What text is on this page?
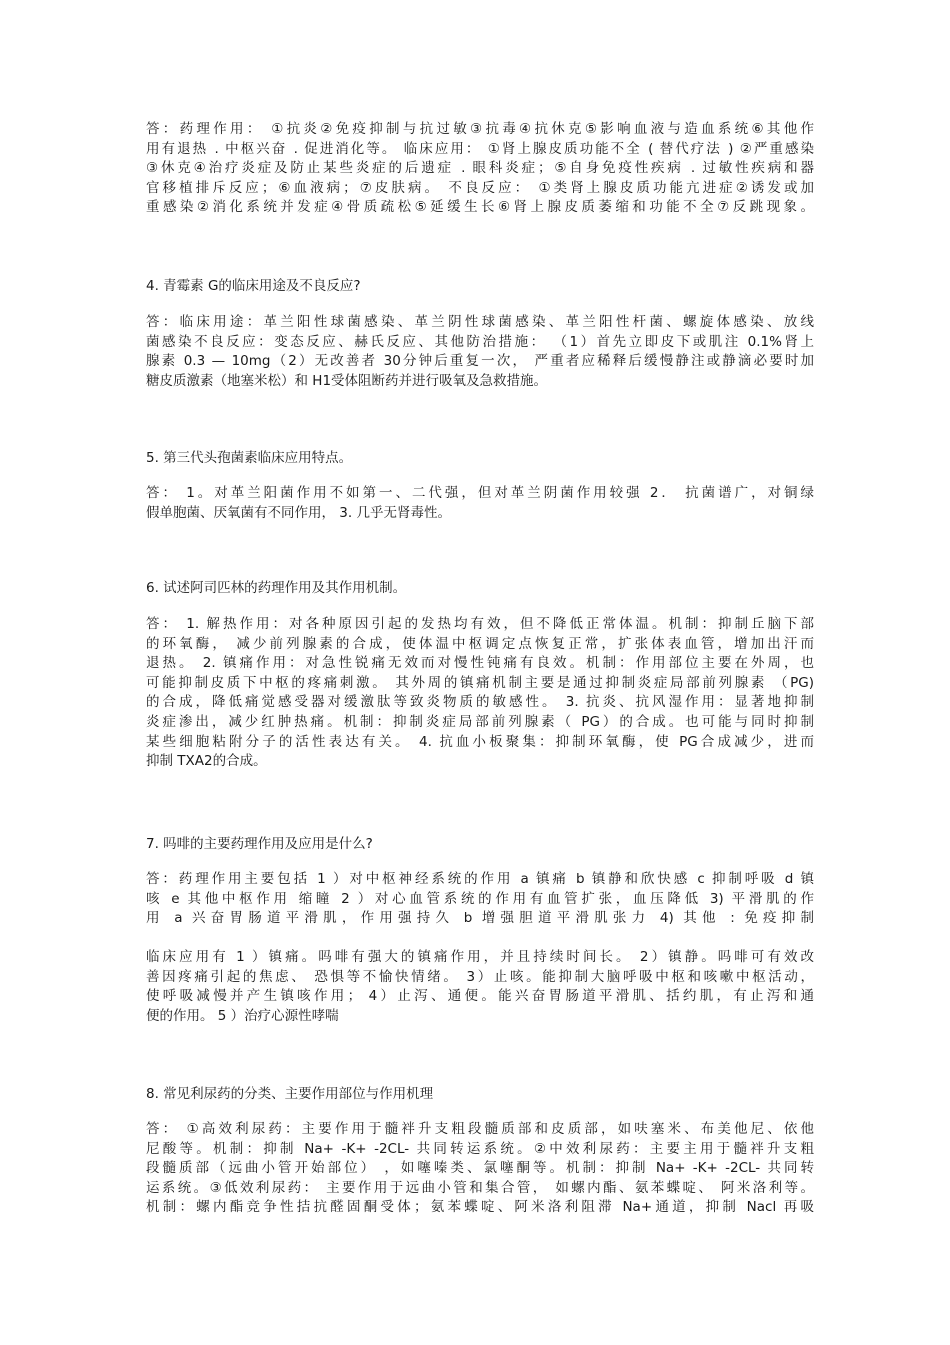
答：药理作用： ①抗炎②免疫抑制与抗过敏③抗毒④抗休克⑤影响血液与造血系统⑥其他作
用有退热 . 中枢兴奋 . 促进消化等。 临床应用： ①肾上腺皮质功能不全 ( 替代疗法 ) ②严重感染
③休克④治疗炎症及防止某些炎症的后遗症 . 眼科炎症；⑤自身免疫性疾病 . 过敏性疾病和器
官移植排斥反应；⑥血液病；⑦皮肤病。 不良反应： ①类肾上腺皮质功能亢进症②诱发或加
重感染②消化系统并发症④骨质疏松⑤延缓生长⑥肾上腺皮质萎缩和功能不全⑦反跳现象。
4. 青霉素 G的临床用途及不良反应?
答：临床用途：革兰阳性球菌感染、革兰阴性球菌感染、革兰阳性杆菌、螺旋体感染、放线
菌感染不良反应：变态反应、赫氏反应、其他防治措施： （1）首先立即皮下或肌注 0.1%肾上
腺素 0.3 — 10mg（2）无改善者 30分钟后重复一次， 严重者应稀释后缓慢静注或静滴必要时加
糖皮质激素（地塞米松）和 H1受体阻断药并进行吸氧及急救措施。
5. 第三代头孢菌素临床应用特点。
答： 1。对革兰阳菌作用不如第一、二代强，但对革兰阴菌作用较强 2． 抗菌谱广，对铜绿
假单胞菌、厌氧菌有不同作用， 3. 几乎无肾毒性。
6. 试述阿司匹林的药理作用及其作用机制。
答： 1. 解热作用：对各种原因引起的发热均有效，但不降低正常体温。机制：抑制丘脑下部
的环氧酶， 减少前列腺素的合成，使体温中枢调定点恢复正常，扩张体表血管，增加出汗而
退热。 2. 镇痛作用：对急性锐痛无效而对慢性钝痛有良效。机制：作用部位主要在外周，也
可能抑制皮质下中枢的疼痛刺激。 其外周的镇痛机制主要是通过抑制炎症局部前列腺素 （PG)
的合成，降低痛觉感受器对缓激肽等致炎物质的敏感性。 3. 抗炎、抗风湿作用：显著地抑制
炎症渗出，减少红肿热痛。机制：抑制炎症局部前列腺素（ PG）的合成。也可能与同时抑制
某些细胞粘附分子的活性表达有关。 4. 抗血小板聚集：抑制环氧酶，使 PG合成减少，进而
抑制 TXA2的合成。
7. 吗啡的主要药理作用及应用是什么?
答：药理作用主要包括 1 ）对中枢神经系统的作用 a 镇痛 b 镇静和欣快感 c 抑制呼吸 d 镇
咳 e 其他中枢作用 缩瞳 2 ）对心血管系统的作用有血管扩张，血压降低 3) 平滑肌的作
用 a 兴奋胃肠道平滑肌，作用强持久 b 增强胆道平滑肌张力 4) 其他 : 免疫抑制
临床应用有 1 ）镇痛。吗啡有强大的镇痛作用，并且持续时间长。 2）镇静。吗啡可有效改
善因疼痛引起的焦虑、 恐惧等不愉快情绪。 3）止咳。能抑制大脑呼吸中枢和咳嗽中枢活动，
使呼吸减慢并产生镇咳作用； 4）止泻、通便。能兴奋胃肠道平滑肌、括约肌，有止泻和通
便的作用。 5 ）治疗心源性哮喘
8. 常见利尿药的分类、主要作用部位与作用机理
答： ①高效利尿药：主要作用于髓袢升支粗段髓质部和皮质部，如呋塞米、布美他尼、依他
尼酸等。机制：抑制 Na+ -K+ -2CL- 共同转运系统。②中效利尿药：主要主用于髓袢升支粗
段髓质部（远曲小管开始部位） ，如噻嗪类、氯噻酮等。机制：抑制 Na+ -K+ -2CL- 共同转
运系统。③低效利尿药： 主要作用于远曲小管和集合管， 如螺内酯、氨苯蝶啶、 阿米洛利等。
机制：螺内酯竞争性拮抗醛固酮受体；氨苯蝶啶、阿米洛利阻滞 Na+通道，抑制 Nacl 再吸
